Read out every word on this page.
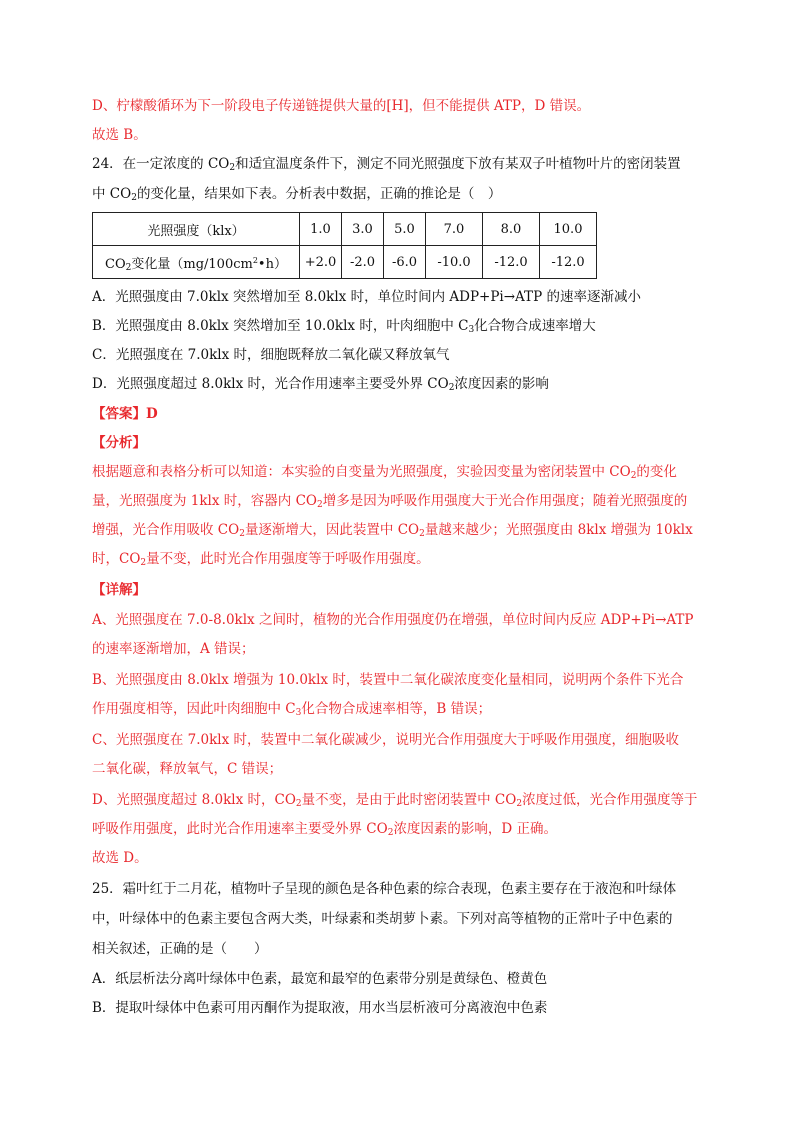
D、柠檬酸循环为下一阶段电子传递链提供大量的[H]，但不能提供 ATP，D 错误。
故选 B。
24．在一定浓度的 $CO_2$和适宜温度条件下，测定不同光照强度下放有某双子叶植物叶片的密闭装置
中 $CO_2$的变化量，结果如下表。分析表中数据，正确的推论是（　）
光照强度（klx）	1.0	3.0	5.0	7.0	8.0	10.0
$CO_2$变化量$(mg/100cm^2•h)$	+2.0	-2.0	-6.0	-10.0	-12.0	-12.0
A．光照强度由 7.0klx 突然增加至 8.0klx 时，单位时间内 ADP+Pi→ATP 的速率逐渐减小
B．光照强度由 8.0klx 突然增加至 10.0klx 时，叶肉细胞中 $C_3$化合物合成速率增大
C．光照强度在 7.0klx 时，细胞既释放二氧化碳又释放氧气
D．光照强度超过 8.0klx 时，光合作用速率主要受外界 $CO_2$浓度因素的影响
【答案】D
【分析】
根据题意和表格分析可以知道：本实验的自变量为光照强度，实验因变量为密闭装置中 $CO_2$的变化
量，光照强度为 1klx 时，容器内 $CO_2$增多是因为呼吸作用强度大于光合作用强度；随着光照强度的
增强，光合作用吸收 $CO_2$量逐渐增大，因此装置中 $CO_2$量越来越少；光照强度由 8klx 增强为 10klx
时，$CO_2$量不变，此时光合作用强度等于呼吸作用强度。
【详解】
A、光照强度在 7.0-8.0klx 之间时，植物的光合作用强度仍在增强，单位时间内反应 ADP+Pi→ATP
的速率逐渐增加，A 错误；
B、光照强度由 8.0klx 增强为 10.0klx 时，装置中二氧化碳浓度变化量相同，说明两个条件下光合
作用强度相等，因此叶肉细胞中 $C_3$化合物合成速率相等，B 错误；
C、光照强度在 7.0klx 时，装置中二氧化碳减少，说明光合作用强度大于呼吸作用强度，细胞吸收
二氧化碳，释放氧气，C 错误；
D、光照强度超过 8.0klx 时，$CO_2$量不变，是由于此时密闭装置中 $CO_2$浓度过低，光合作用强度等于
呼吸作用强度，此时光合作用速率主要受外界 $CO_2$浓度因素的影响，D 正确。
故选 D。
25．霜叶红于二月花，植物叶子呈现的颜色是各种色素的综合表现，色素主要存在于液泡和叶绿体
中，叶绿体中的色素主要包含两大类，叶绿素和类胡萝卜素。下列对高等植物的正常叶子中色素的
相关叙述，正确的是（　　）
A．纸层析法分离叶绿体中色素，最宽和最窄的色素带分别是黄绿色、橙黄色
B．提取叶绿体中色素可用丙酮作为提取液，用水当层析液可分离液泡中色素
